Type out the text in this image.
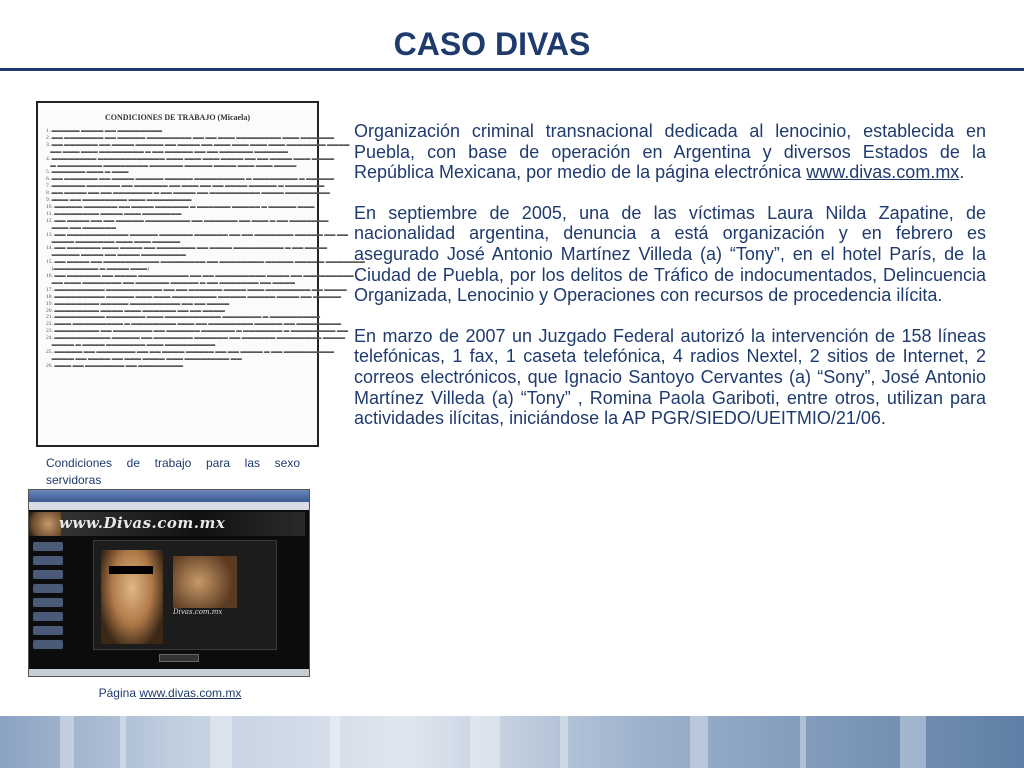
CASO DIVAS
CONDICIONES DE TRABAJO (Micaela)
1. ▬▬▬▬▬ ▬▬▬▬ ▬▬ ▬▬▬▬▬▬▬▬
2. ▬▬ ▬▬▬▬▬▬▬ ▬▬ ▬▬▬▬▬ ▬▬▬▬▬▬▬▬ ▬▬ ▬▬ ▬▬▬ ▬▬▬▬▬▬▬▬ ▬▬▬ ▬▬▬▬▬▬
3. ▬▬ ▬▬▬▬▬▬ ▬▬ ▬▬▬▬ ▬▬▬▬▬ ▬▬ ▬▬▬▬ ▬▬ ▬▬▬ ▬▬▬ ▬▬▬ ▬▬▬ ▬▬▬▬▬▬▬ ▬▬▬▬
▬▬ ▬▬▬ ▬▬▬ ▬▬▬▬▬▬▬▬ ▬ ▬▬ ▬▬▬▬▬ ▬▬ ▬▬ ▬▬▬▬▬▬ ▬▬▬▬▬▬
4. ▬▬▬▬▬▬▬▬ ▬▬▬▬▬▬▬▬▬▬▬▬ ▬▬▬ ▬▬▬ ▬▬▬ ▬▬▬▬ ▬▬ ▬▬ ▬▬▬▬ ▬▬▬ ▬▬▬▬
▬ ▬▬▬▬▬▬▬▬ ▬▬▬▬▬▬▬▬ ▬▬▬▬▬▬ ▬▬▬▬▬ ▬▬▬▬ ▬▬▬ ▬▬▬ ▬▬▬▬
5. ▬▬▬▬▬▬ ▬▬▬ ▬ ▬▬▬
6. ▬▬ ▬▬▬▬▬▬ ▬▬ ▬▬▬▬ ▬▬▬▬▬ ▬▬▬▬▬ ▬▬▬▬▬▬▬▬▬ ▬ ▬▬▬▬▬▬▬▬ ▬ ▬▬▬▬▬
7. ▬▬▬▬▬▬ ▬▬▬▬▬▬ ▬▬ ▬▬▬▬▬▬ ▬▬ ▬▬▬ ▬▬ ▬▬ ▬▬▬▬ ▬▬▬▬▬ ▬ ▬▬▬▬▬▬▬
8. ▬▬ ▬▬▬▬ ▬▬ ▬▬ ▬▬▬▬▬▬▬ ▬ ▬▬ ▬▬▬▬ ▬▬ ▬▬▬▬▬▬▬▬▬ ▬▬▬▬ ▬▬▬▬▬▬▬▬
9. ▬▬▬ ▬▬ ▬▬▬▬▬▬▬▬ ▬▬▬ ▬▬▬▬▬▬▬▬
10. ▬▬▬▬▬ ▬▬▬▬▬▬ ▬▬ ▬▬▬▬ ▬▬▬▬▬▬ ▬ ▬▬▬▬▬▬ ▬▬▬▬▬ ▬ ▬▬▬▬▬ ▬▬▬
11. ▬▬▬▬▬▬▬▬ ▬▬▬▬ ▬▬▬ ▬▬▬▬▬▬▬
12. ▬▬ ▬▬▬▬ ▬▬ ▬▬ ▬▬▬▬▬ ▬▬▬▬▬▬▬▬ ▬▬ ▬▬▬▬▬▬ ▬▬ ▬▬▬ ▬ ▬▬ ▬▬▬▬▬▬▬
▬▬▬ ▬▬ ▬▬▬▬▬▬
13. ▬▬ ▬▬▬▬▬▬▬▬▬▬▬ ▬▬▬▬▬ ▬▬▬▬▬▬ ▬▬▬▬▬▬ ▬▬ ▬▬ ▬▬▬▬▬▬▬ ▬▬▬▬▬ ▬▬ ▬▬
▬▬▬▬ ▬▬▬▬▬▬▬ ▬▬▬ ▬▬▬ ▬▬▬▬▬
14. ▬▬ ▬▬▬▬▬▬ ▬▬▬ ▬▬▬▬ ▬▬ ▬▬▬▬▬▬▬ ▬▬ ▬▬▬▬ ▬▬▬▬▬▬▬▬▬ ▬ ▬▬ ▬▬▬▬
▬▬▬▬▬ ▬▬▬▬ ▬▬ ▬▬▬▬ ▬▬▬▬▬▬▬▬
15. ▬▬ ▬▬▬▬ ▬▬ ▬▬▬▬▬▬▬▬▬▬ ▬▬▬▬▬▬▬▬ ▬▬ ▬▬▬▬▬▬▬▬ ▬▬▬▬▬ ▬▬▬▬ ▬ ▬▬▬▬▬▬▬
(▬▬▬▬▬▬▬▬ ▬ ▬▬▬▬ ▬▬▬)
16. ▬▬ ▬▬▬▬▬▬ ▬▬ ▬▬▬▬ ▬▬▬▬▬▬▬▬▬ ▬▬ ▬▬ ▬▬▬▬▬▬▬▬▬ ▬▬▬▬ ▬▬ ▬▬▬▬▬▬▬▬▬
▬▬ ▬▬▬ ▬▬▬▬▬▬▬ ▬▬ ▬▬▬▬▬▬ ▬▬▬▬▬ ▬ ▬▬ ▬▬▬▬▬▬▬ ▬▬ ▬▬▬▬
17. ▬▬▬▬▬▬▬▬▬ ▬▬▬▬▬▬▬▬▬▬ ▬▬ ▬▬ ▬▬▬▬▬▬ ▬▬▬▬ ▬▬▬ ▬▬▬▬▬▬▬▬ ▬▬ ▬▬▬▬
18. ▬▬▬▬▬▬▬▬▬ ▬▬▬▬▬ ▬▬▬ ▬▬▬ ▬▬▬▬▬▬▬▬ ▬▬▬▬▬ ▬▬▬▬▬ ▬▬▬▬ ▬▬ ▬▬▬▬▬
19. ▬▬▬▬▬▬▬▬ ▬▬▬▬▬ ▬▬▬▬▬▬▬▬▬ ▬▬ ▬▬ ▬▬▬▬
20. ▬▬▬▬▬▬▬▬ ▬▬▬▬ ▬▬▬ ▬▬▬▬▬▬ ▬▬ ▬▬ ▬▬▬▬
21. ▬▬▬▬▬▬▬▬▬ ▬▬▬▬▬▬▬ ▬▬▬ ▬▬▬▬▬▬▬▬▬▬ ▬▬▬▬▬▬▬ ▬ ▬▬▬▬▬▬▬▬▬
22. ▬▬▬ ▬▬▬▬▬▬▬▬▬ ▬ ▬▬▬▬▬▬▬▬ ▬▬▬ ▬▬ ▬▬▬▬▬▬▬▬ ▬▬▬▬▬ ▬▬ ▬▬▬▬▬▬▬▬
23. ▬▬▬▬▬▬▬▬ ▬▬ ▬▬▬▬▬▬▬ ▬▬ ▬▬▬▬▬▬ ▬▬▬▬▬▬ ▬ ▬▬▬▬▬▬▬ ▬ ▬▬▬▬▬▬▬▬ ▬▬
24. ▬▬▬▬▬▬▬▬▬▬ ▬▬▬▬▬ ▬▬ ▬▬▬▬▬▬▬ ▬▬▬▬▬▬ ▬▬ ▬▬▬▬▬▬ ▬▬▬▬▬▬▬▬ ▬▬▬▬
▬▬▬▬ ▬ ▬▬▬▬ ▬▬▬▬▬▬▬ ▬▬▬ ▬▬▬▬▬▬▬▬▬
25. ▬▬▬▬▬ ▬▬ ▬▬▬▬▬▬▬ ▬▬ ▬▬ ▬▬▬▬ ▬▬▬▬▬ ▬▬ ▬▬ ▬▬▬▬ ▬ ▬▬ ▬▬▬▬▬▬▬▬▬
▬▬▬▬ ▬▬ ▬▬▬▬ ▬▬ ▬▬▬ ▬▬▬▬ ▬▬▬ ▬▬▬▬▬▬▬▬ ▬▬
26. ▬▬▬ ▬▬ ▬▬▬▬▬▬▬ ▬▬ ▬▬▬▬▬▬▬▬
Condiciones de trabajo para las sexo servidoras
www.Divas.com.mx
Divas.com.mx
Página www.divas.com.mx

Organización criminal transnacional dedicada al lenocinio, establecida en Puebla, con base de operación en Argentina y diversos Estados de la República Mexicana, por medio de la página electrónica www.divas.com.mx.

En septiembre de 2005, una de las víctimas Laura Nilda Zapatine, de nacionalidad argentina, denuncia a está organización y en febrero es asegurado José Antonio Martínez Villeda (a) “Tony”, en el hotel París, de la Ciudad de Puebla, por los delitos de Tráfico de indocumentados, Delincuencia Organizada, Lenocinio y Operaciones con recursos de procedencia ilícita.

En marzo de 2007 un Juzgado Federal autorizó la intervención de 158 líneas telefónicas, 1 fax, 1 caseta telefónica, 4 radios Nextel, 2 sitios de Internet, 2 correos electrónicos, que Ignacio Santoyo Cervantes (a) “Sony”, José Antonio Martínez Villeda (a) “Tony” , Romina Paola Gariboti, entre otros, utilizan para actividades ilícitas, iniciándose la AP PGR/SIEDO/UEITMIO/21/06.
